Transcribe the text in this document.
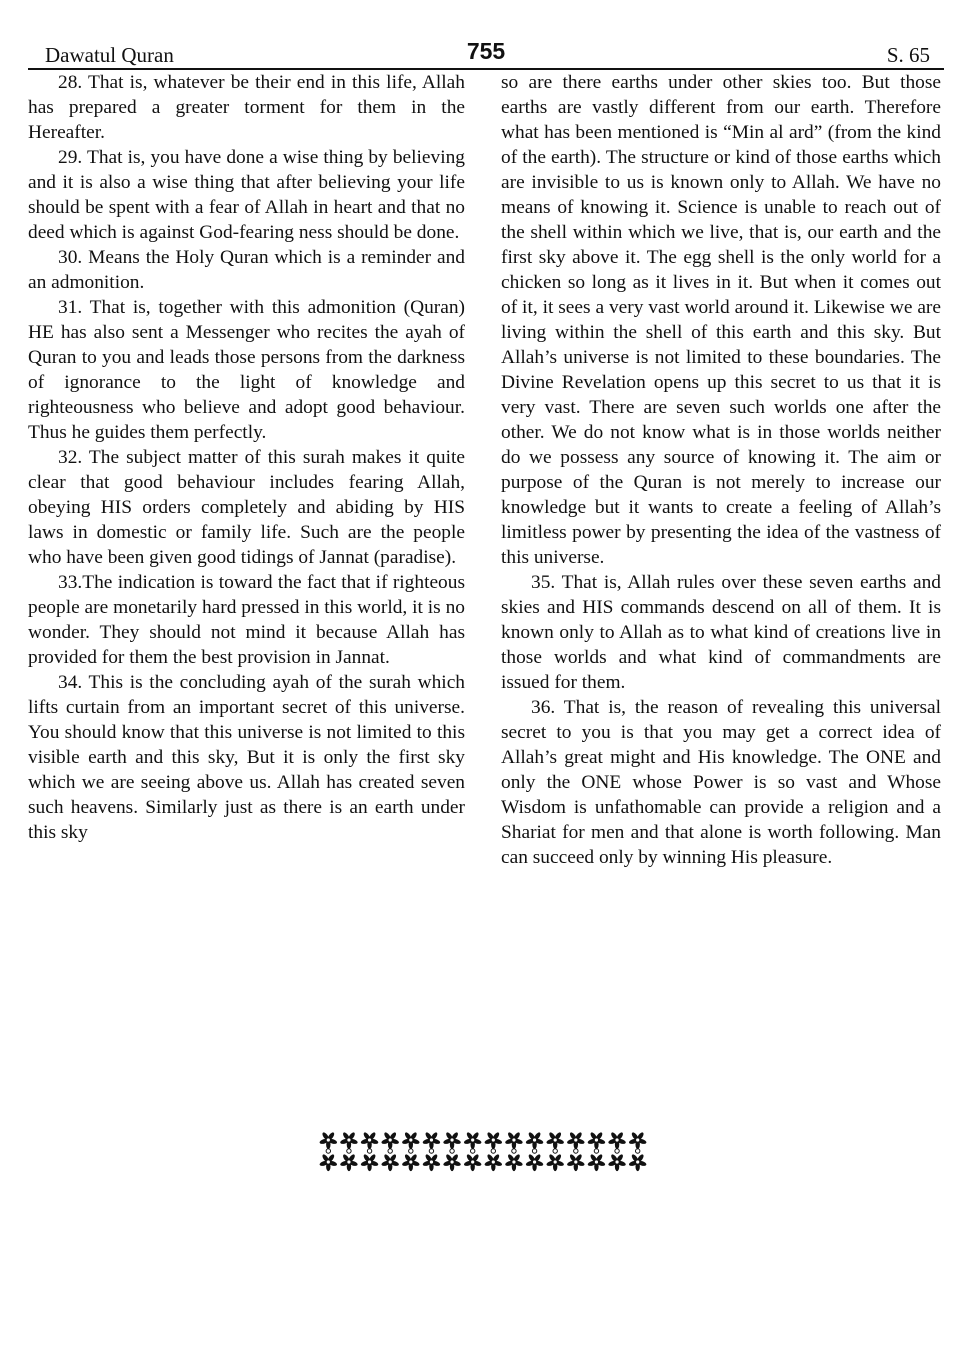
Dawatul Quran	755	S. 65

28. That is, whatever be their end in this life, Allah has prepared a greater torment for them in the Hereafter.

29. That is, you have done a wise thing by believing and it is also a wise thing that after believing your life should be spent with a fear of Allah in heart and that no deed which is against God-fearing ness should be done.

30. Means the Holy Quran which is a reminder and an admonition.

31. That is, together with this admonition (Quran) HE has also sent a Messenger who recites the ayah of Quran to you and leads those persons from the darkness of ignorance to the light of knowledge and righteousness who believe and adopt good behaviour. Thus he guides them perfectly.

32. The subject matter of this surah makes it quite clear that good behaviour includes fearing Allah, obeying HIS orders completely and abiding by HIS laws in domestic or family life. Such are the people who have been given good tidings of Jannat (paradise).

33.The indication is toward the fact that if righteous people are monetarily hard pressed in this world, it is no wonder. They should not mind it because Allah has provided for them the best provision in Jannat.

34. This is the concluding ayah of the surah which lifts curtain from an important secret of this universe. You should know that this universe is not limited to this visible earth and this sky, But it is only the first sky which we are seeing above us. Allah has created seven such heavens. Similarly just as there is an earth under this sky

so are there earths under other skies too. But those earths are vastly different from our earth. Therefore what has been mentioned is “Min al ard” (from the kind of the earth). The structure or kind of those earths which are invisible to us is known only to Allah. We have no means of knowing it. Science is unable to reach out of the shell within which we live, that is, our earth and the first sky above it. The egg shell is the only world for a chicken so long as it lives in it. But when it comes out of it, it sees a very vast world around it. Likewise we are living within the shell of this earth and this sky. But Allah’s universe is not limited to these boundaries. The Divine Revelation opens up this secret to us that it is very vast. There are seven such worlds one after the other. We do not know what is in those worlds neither do we possess any source of knowing it. The aim or purpose of the Quran is not merely to increase our knowledge but it wants to create a feeling of Allah’s limitless power by presenting the idea of the vastness of this universe.

35. That is, Allah rules over these seven earths and skies and HIS commands descend on all of them. It is known only to Allah as to what kind of creations live in those worlds and what kind of commandments are issued for them.

36. That is, the reason of revealing this universal secret to you is that you may get a correct idea of Allah’s great might and His knowledge. The ONE and only the ONE whose Power is so vast and Whose Wisdom is unfathomable can provide a religion and a Shariat for men and that alone is worth following. Man can succeed only by winning His pleasure.
